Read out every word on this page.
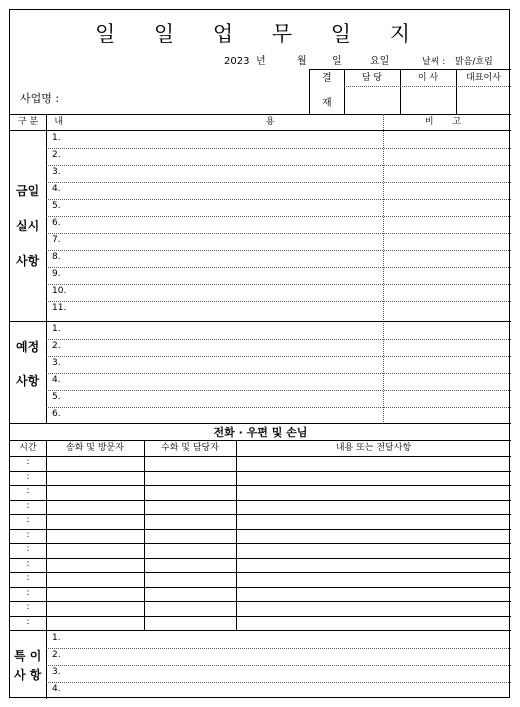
일 일 업 무 일 지
2023 년	월	일	요일	날씨 : 맑음/흐림
결
재
담 당	이 사	대표이사
사업명 :
구 분	내 용	비 고
금일
실시
사항
1.
2.
3.
4.
5.
6.
7.
8.
9.
10.
11.
예정
사항
1.
2.
3.
4.
5.
6.
전화 · 우편 및 손님
시간	송화 및 방문자	수화 및 담당자	내용 또는 전달사항
:
:
:
:
:
:
:
:
:
:
:
:
특 이
사 항
1.
2.
3.
4.
